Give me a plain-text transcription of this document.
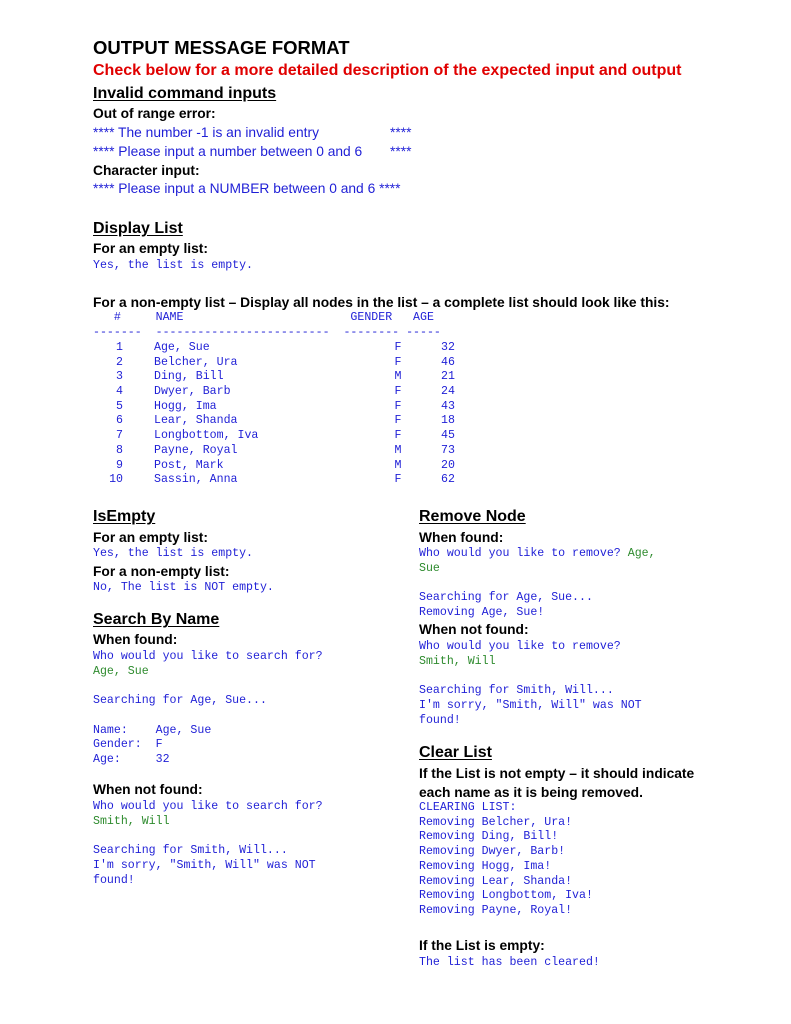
OUTPUT MESSAGE FORMAT
Check below for a more detailed description of the expected input and output
Invalid command inputs
Out of range error:
**** The number -1 is an invalid entry	****
**** Please input a number between 0 and 6 ****
Character input:
**** Please input a NUMBER between 0 and 6 ****
Display List
For an empty list:
Yes, the list is empty.
For a non-empty list – Display all nodes in the list – a complete list should look like this:
#     NAME                        GENDER   AGE
-------  -------------------------  -------- -----
1		Age, Sue	F		32
2		Belcher, Ura	F		46
3		Ding, Bill	M		21
4		Dwyer, Barb	F		24
5		Hogg, Ima	F		43
6		Lear, Shanda	F		18
7		Longbottom, Iva	F		45
8		Payne, Royal	M		73
9		Post, Mark	M		20
10		Sassin, Anna	F		62
IsEmpty
For an empty list:
Yes, the list is empty.
For a non-empty list:
No, The list is NOT empty.
Search By Name
When found:
Who would you like to search for?
Age, Sue

Searching for Age, Sue...

Name:    Age, Sue
Gender:  F
Age:     32
When not found:
Who would you like to search for?
Smith, Will

Searching for Smith, Will...
I'm sorry, "Smith, Will" was NOT
found!
Remove Node
When found:
Who would you like to remove? Age,
Sue

Searching for Age, Sue...
Removing Age, Sue!
When not found:
Who would you like to remove?
Smith, Will

Searching for Smith, Will...
I'm sorry, "Smith, Will" was NOT
found!
Clear List
If the List is not empty – it should indicate
each name as it is being removed.
CLEARING LIST:
Removing Belcher, Ura!
Removing Ding, Bill!
Removing Dwyer, Barb!
Removing Hogg, Ima!
Removing Lear, Shanda!
Removing Longbottom, Iva!
Removing Payne, Royal!
If the List is empty:
The list has been cleared!
